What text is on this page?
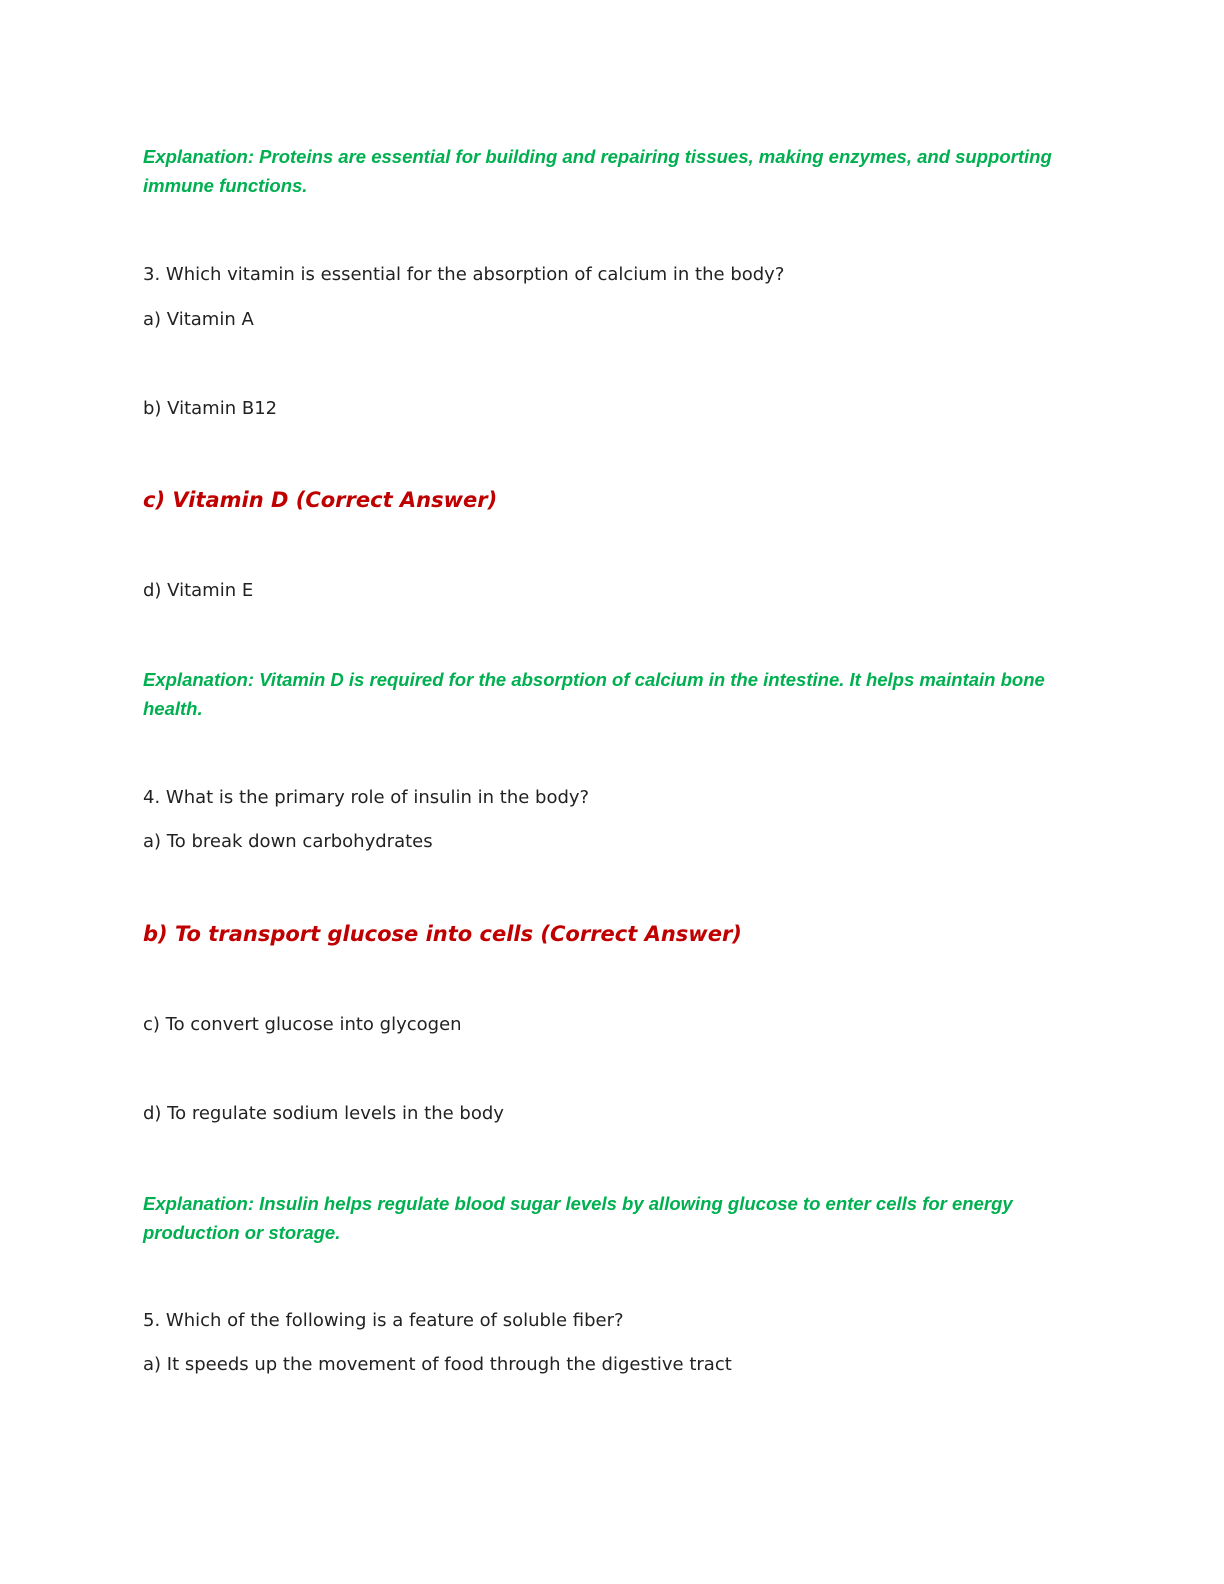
Explanation: Proteins are essential for building and repairing tissues, making enzymes, and supporting immune functions.
3. Which vitamin is essential for the absorption of calcium in the body?
a) Vitamin A
b) Vitamin B12
c) Vitamin D (Correct Answer)
d) Vitamin E
Explanation: Vitamin D is required for the absorption of calcium in the intestine. It helps maintain bone health.
4. What is the primary role of insulin in the body?
a) To break down carbohydrates
b) To transport glucose into cells (Correct Answer)
c) To convert glucose into glycogen
d) To regulate sodium levels in the body
Explanation: Insulin helps regulate blood sugar levels by allowing glucose to enter cells for energy production or storage.
5. Which of the following is a feature of soluble fiber?
a) It speeds up the movement of food through the digestive tract
